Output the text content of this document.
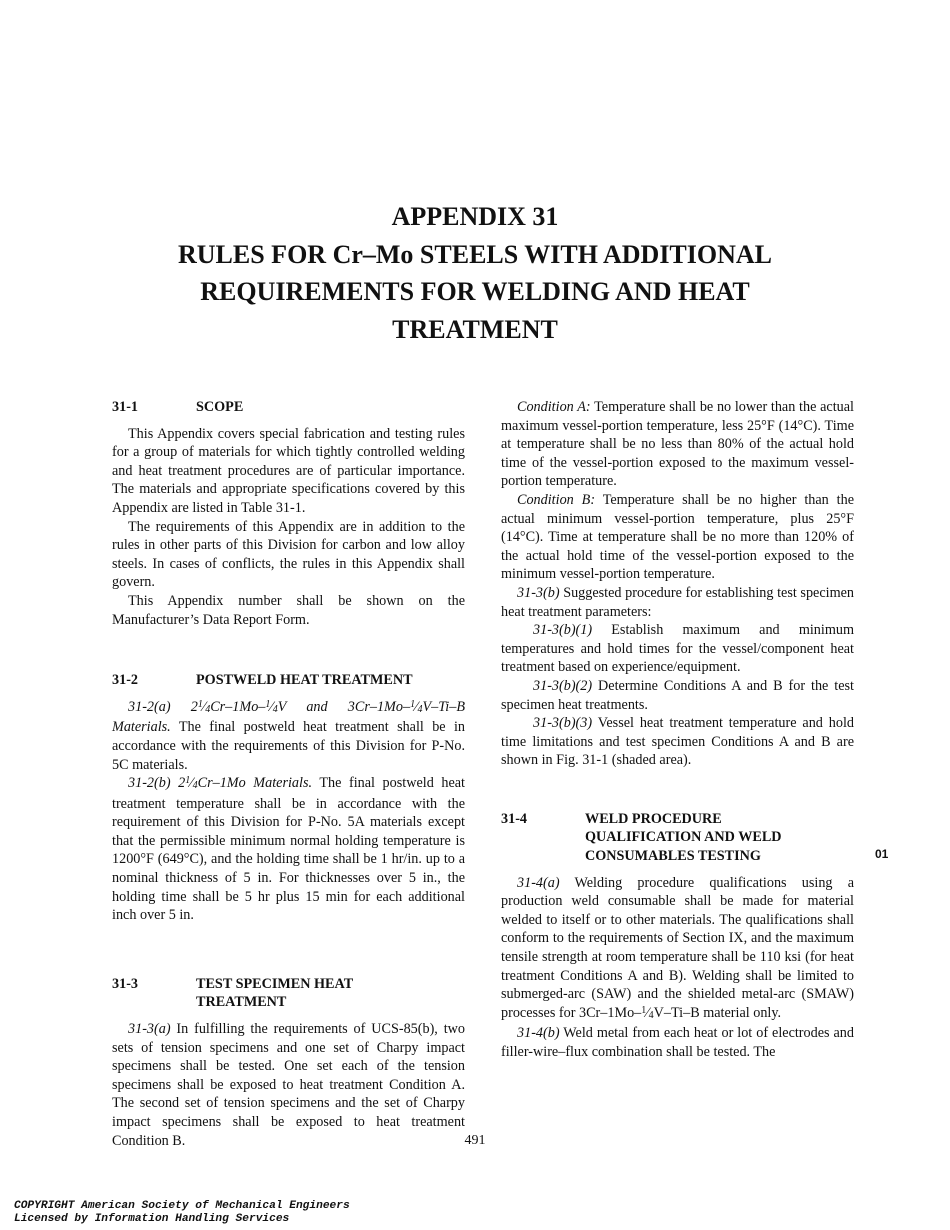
APPENDIX 31
RULES FOR Cr–Mo STEELS WITH ADDITIONAL
REQUIREMENTS FOR WELDING AND HEAT
TREATMENT
31-1	SCOPE

This Appendix covers special fabrication and testing rules for a group of materials for which tightly controlled welding and heat treatment procedures are of particular importance. The materials and appropriate specifications covered by this Appendix are listed in Table 31-1.

The requirements of this Appendix are in addition to the rules in other parts of this Division for carbon and low alloy steels. In cases of conflicts, the rules in this Appendix shall govern.

This Appendix number shall be shown on the Manufacturer’s Data Report Form.

31-2	POSTWELD HEAT TREATMENT

31-2(a) $2^1⁄4Cr-1Mo-^1⁄4V$ and 3Cr–1Mo–$^1$⁄4V–Ti–B Materials. The final postweld heat treatment shall be in accordance with the requirements of this Division for P-No. 5C materials.

31-2(b) $2^1⁄4Cr-1Mo$ Materials. The final postweld heat treatment temperature shall be in accordance with the requirement of this Division for P-No. 5A materials except that the permissible minimum normal holding temperature is 1200°F (649°C), and the holding time shall be 1 hr/in. up to a nominal thickness of 5 in. For thicknesses over 5 in., the holding time shall be 5 hr plus 15 min for each additional inch over 5 in.

31-3	TEST SPECIMEN HEAT
TREATMENT

31-3(a) In fulfilling the requirements of UCS-85(b), two sets of tension specimens and one set of Charpy impact specimens shall be tested. One set each of the tension specimens shall be exposed to heat treatment Condition A. The second set of tension specimens and the set of Charpy impact specimens shall be exposed to heat treatment Condition B.

Condition A: Temperature shall be no lower than the actual maximum vessel-portion temperature, less 25°F (14°C). Time at temperature shall be no less than 80% of the actual hold time of the vessel-portion exposed to the maximum vessel-portion temperature.

Condition B: Temperature shall be no higher than the actual minimum vessel-portion temperature, plus 25°F (14°C). Time at temperature shall be no more than 120% of the actual hold time of the vessel-portion exposed to the minimum vessel-portion temperature.

31-3(b) Suggested procedure for establishing test specimen heat treatment parameters:

31-3(b)(1) Establish maximum and minimum temperatures and hold times for the vessel/component heat treatment based on experience/equipment.

31-3(b)(2) Determine Conditions A and B for the test specimen heat treatments.

31-3(b)(3) Vessel heat treatment temperature and hold time limitations and test specimen Conditions A and B are shown in Fig. 31-1 (shaded area).

31-4	WELD PROCEDURE
QUALIFICATION AND WELD
CONSUMABLES TESTING

31-4(a) Welding procedure qualifications using a production weld consumable shall be made for material welded to itself or to other materials. The qualifications shall conform to the requirements of Section IX, and the maximum tensile strength at room temperature shall be 110 ksi (for heat treatment Conditions A and B). Welding shall be limited to submerged-arc (SAW) and the shielded metal-arc (SMAW) processes for 3Cr–1Mo–$^1$⁄4V–Ti–B material only.

31-4(b) Weld metal from each heat or lot of electrodes and filler-wire–flux combination shall be tested. The

01
491
COPYRIGHT American Society of Mechanical Engineers
Licensed by Information Handling Services
